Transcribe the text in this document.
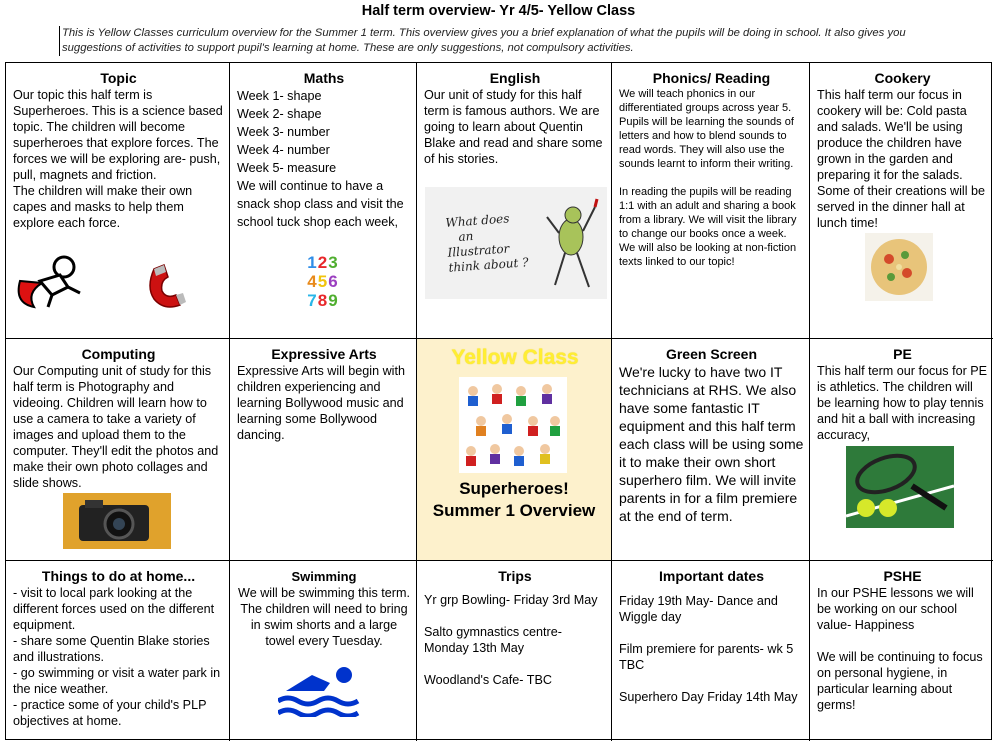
Half term overview- Yr 4/5- Yellow Class
This is Yellow Classes curriculum overview for the Summer 1 term. This overview gives you a brief explanation of what the pupils will be doing in school. It also gives you suggestions of activities to support pupil's learning at home. These are only suggestions, not compulsory activities.
Topic
Our topic this half term is Superheroes. This is a science based topic. The children will become superheroes that explore forces. The forces we will be exploring are- push, pull, magnets and friction.
The children will make their own capes and masks to help them explore each force.
Maths
Week 1- shape
Week 2- shape
Week 3- number
Week 4- number
Week 5- measure
We will continue to have a snack shop class and visit the school tuck shop each week,
123
456
789
English
Our unit of study for this half term is famous authors. We are going to learn about Quentin Blake and read and share some of his stories.
What does
an
Illustrator
think about ?
Phonics/ Reading
We will teach phonics in our differentiated groups across year 5. Pupils will be learning the sounds of letters and how to blend sounds to read words. They will also use the sounds learnt to inform their writing.

In reading the pupils will be reading 1:1 with an adult and sharing a book from a library. We will visit the library to change our books once a week. We will also be looking at non-fiction texts linked to our topic!
Cookery
This half term our focus in cookery will be: Cold pasta and salads. We'll be using produce the children have grown in the garden and preparing it for the salads. Some of their creations will be served in the dinner hall at lunch time!
Computing
Our Computing unit of study for this half term is Photography and videoing. Children will learn how to use a camera to take a variety of images and upload them to the computer. They'll edit the photos and make their own photo collages and slide shows.
Expressive Arts
Expressive Arts will begin with children experiencing and learning Bollywood music and learning some Bollywood dancing.
Yellow Class
Superheroes!
Summer 1 Overview
Green Screen
We're lucky to have two IT technicians at RHS. We also have some fantastic IT equipment and this half term each class will be using some it to make their own short superhero film. We will invite parents in for a film premiere at the end of term.
PE
This half term our focus for PE is athletics. The children will be learning how to play tennis and hit a ball with increasing accuracy,
Things to do at home...
- visit to local park looking at the different forces used on the different equipment.
- share some Quentin Blake stories and illustrations.
- go swimming or visit a water park in the nice weather.
- practice some of your child's PLP objectives at home.
Swimming
We will be swimming this term. The children will need to bring in swim shorts and a large towel every Tuesday.
Trips
Yr grp Bowling- Friday 3rd May
Salto gymnastics centre- Monday 13th May
Woodland's Cafe- TBC
Important dates
Friday 19th May- Dance and Wiggle day
Film premiere for parents- wk 5 TBC
Superhero Day Friday 14th May
PSHE
In our PSHE lessons we will be working on our school value- Happiness

We will be continuing to focus on personal hygiene, in particular learning about germs!
